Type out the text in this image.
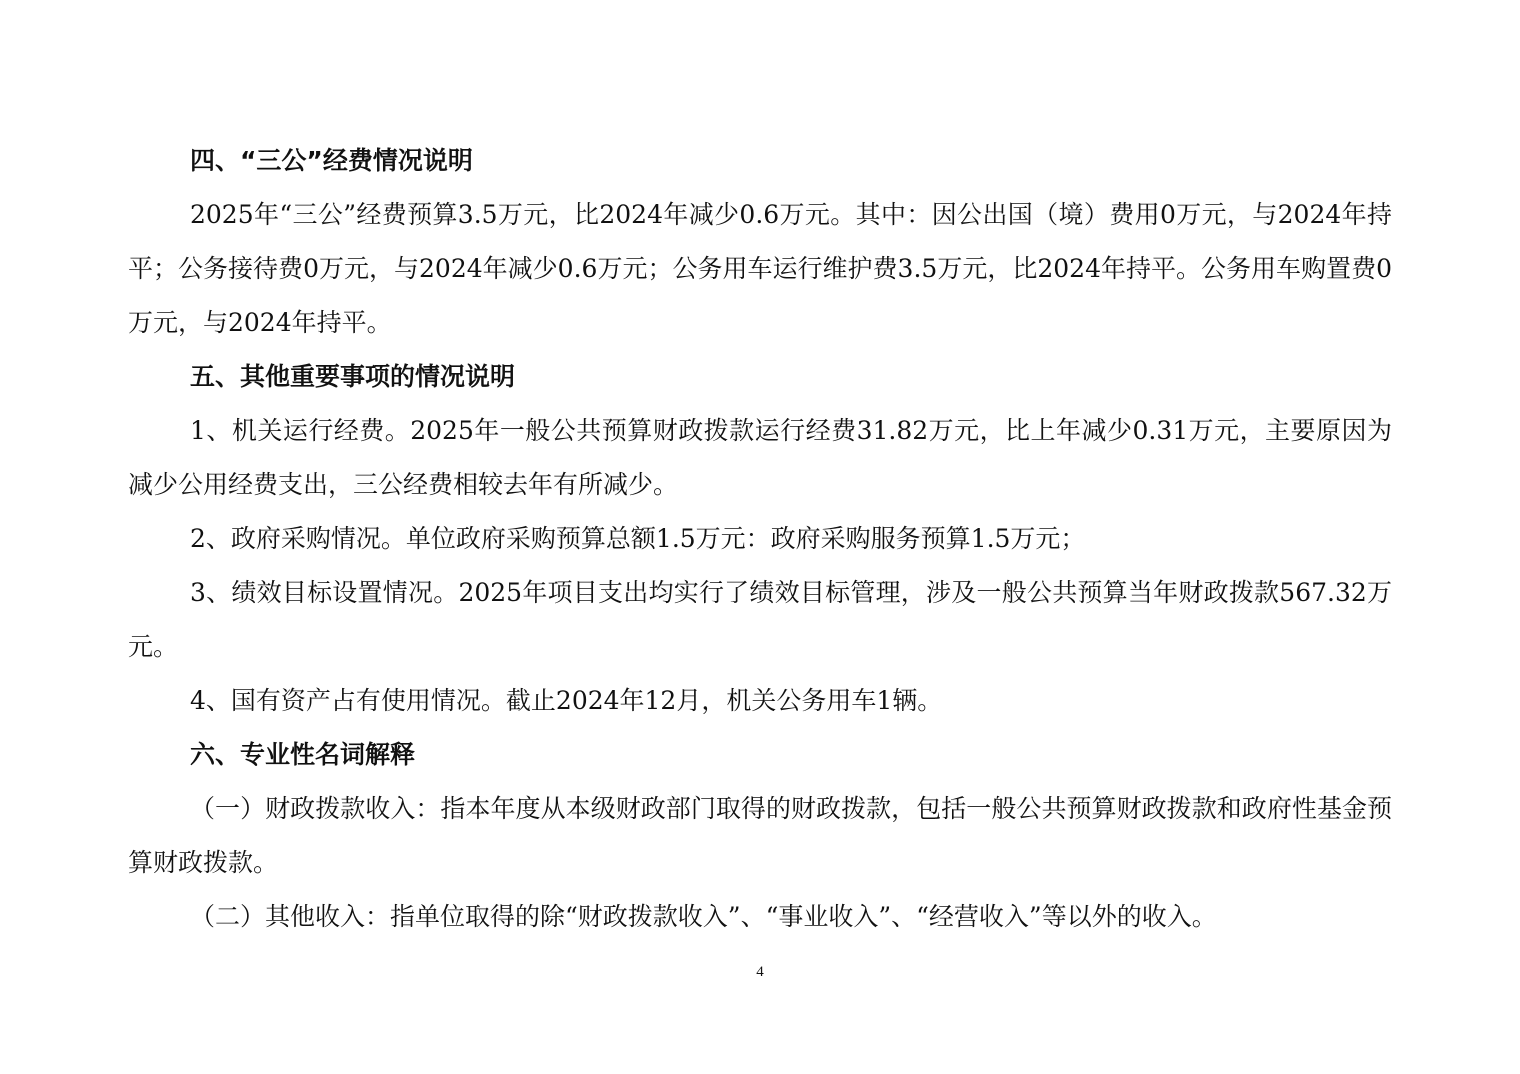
四、“三公”经费情况说明

2025年“三公”经费预算3.5万元，比2024年减少0.6万元。其中：因公出国（境）费用0万元，与2024年持平；公务接待费0万元，与2024年减少0.6万元；公务用车运行维护费3.5万元，比2024年持平。公务用车购置费0万元，与2024年持平。

五、其他重要事项的情况说明

1、机关运行经费。2025年一般公共预算财政拨款运行经费31.82万元，比上年减少0.31万元，主要原因为减少公用经费支出，三公经费相较去年有所减少。

2、政府采购情况。单位政府采购预算总额1.5万元：政府采购服务预算1.5万元；

3、绩效目标设置情况。2025年项目支出均实行了绩效目标管理，涉及一般公共预算当年财政拨款567.32万元。

4、国有资产占有使用情况。截止2024年12月，机关公务用车1辆。

六、专业性名词解释

（一）财政拨款收入：指本年度从本级财政部门取得的财政拨款，包括一般公共预算财政拨款和政府性基金预算财政拨款。

（二）其他收入：指单位取得的除“财政拨款收入”、“事业收入”、“经营收入”等以外的收入。

4
